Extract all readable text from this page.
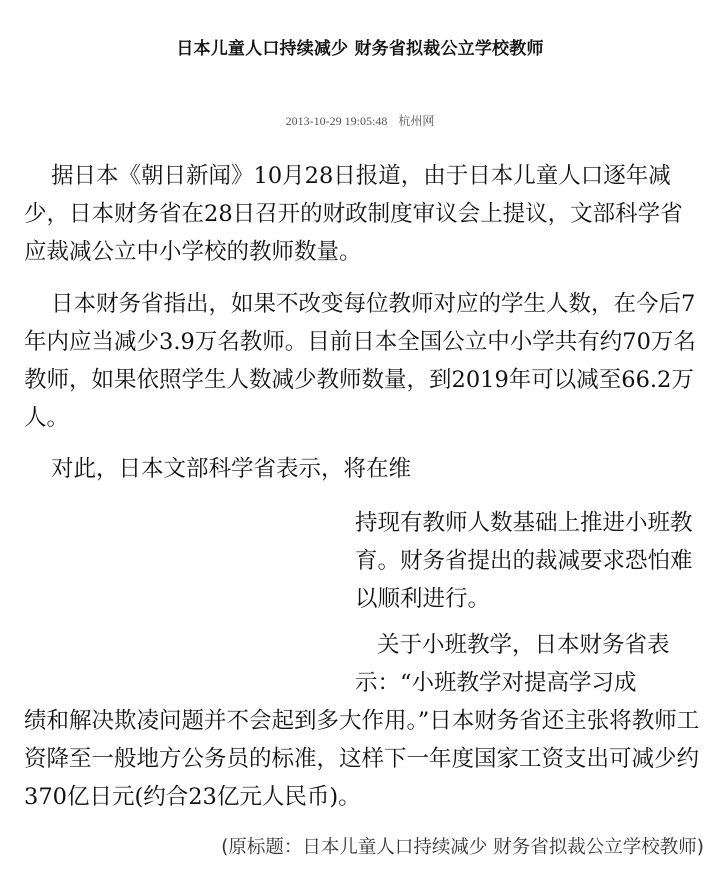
日本儿童人口持续减少 财务省拟裁公立学校教师
2013-10-29 19:05:48 杭州网

据日本《朝日新闻》10月28日报道，由于日本儿童人口逐年减少，日本财务省在28日召开的财政制度审议会上提议，文部科学省应裁减公立中小学校的教师数量。

日本财务省指出，如果不改变每位教师对应的学生人数，在今后7年内应当减少3.9万名教师。目前日本全国公立中小学共有约70万名教师，如果依照学生人数减少教师数量，到2019年可以减至66.2万人。

对此，日本文部科学省表示，将在维

持现有教师人数基础上推进小班教育。财务省提出的裁减要求恐怕难以顺利进行。

关于小班教学，日本财务省表示：“小班教学对提高学习成

绩和解决欺凌问题并不会起到多大作用。”日本财务省还主张将教师工资降至一般地方公务员的标准，这样下一年度国家工资支出可减少约370亿日元(约合23亿元人民币)。

(原标题：日本儿童人口持续减少 财务省拟裁公立学校教师)
